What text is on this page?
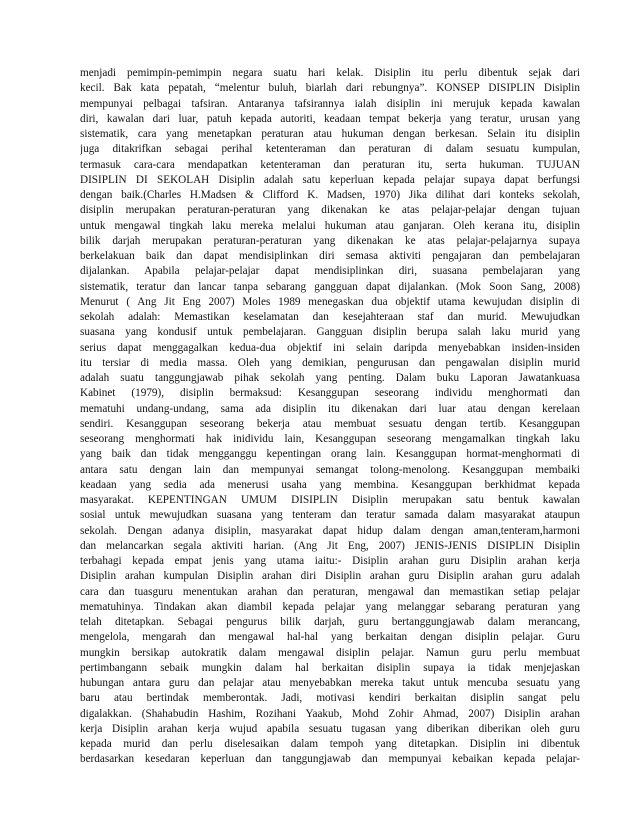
menjadi pemimpin-pemimpin negara suatu hari kelak. Disiplin itu perlu dibentuk sejak dari
kecil. Bak kata pepatah, “melentur buluh, biarlah dari rebungnya”. KONSEP DISIPLIN Disiplin
mempunyai pelbagai tafsiran. Antaranya tafsirannya ialah disiplin ini merujuk kepada kawalan
diri, kawalan dari luar, patuh kepada autoriti, keadaan tempat bekerja yang teratur, urusan yang
sistematik, cara yang menetapkan peraturan atau hukuman dengan berkesan. Selain itu disiplin
juga ditakrifkan sebagai perihal ketenteraman dan peraturan di dalam sesuatu kumpulan,
termasuk cara-cara mendapatkan ketenteraman dan peraturan itu, serta hukuman. TUJUAN
DISIPLIN DI SEKOLAH Disiplin adalah satu keperluan kepada pelajar supaya dapat berfungsi
dengan baik.(Charles H.Madsen & Clifford K. Madsen, 1970) Jika dilihat dari konteks sekolah,
disiplin merupakan peraturan-peraturan yang dikenakan ke atas pelajar-pelajar dengan tujuan
untuk mengawal tingkah laku mereka melalui hukuman atau ganjaran. Oleh kerana itu, disiplin
bilik darjah merupakan peraturan-peraturan yang dikenakan ke atas pelajar-pelajarnya supaya
berkelakuan baik dan dapat mendisiplinkan diri semasa aktiviti pengajaran dan pembelajaran
dijalankan. Apabila pelajar-pelajar dapat mendisiplinkan diri, suasana pembelajaran yang
sistematik, teratur dan lancar tanpa sebarang gangguan dapat dijalankan. (Mok Soon Sang, 2008)
Menurut ( Ang Jit Eng 2007) Moles 1989 menegaskan dua objektif utama kewujudan disiplin di
sekolah adalah: Memastikan keselamatan dan kesejahteraan staf dan murid. Mewujudkan
suasana yang kondusif untuk pembelajaran. Gangguan disiplin berupa salah laku murid yang
serius dapat menggagalkan kedua-dua objektif ini selain daripda menyebabkan insiden-insiden
itu tersiar di media massa. Oleh yang demikian, pengurusan dan pengawalan disiplin murid
adalah suatu tanggungjawab pihak sekolah yang penting. Dalam buku Laporan Jawatankuasa
Kabinet (1979), disiplin bermaksud: Kesanggupan seseorang individu menghormati dan
mematuhi undang-undang, sama ada disiplin itu dikenakan dari luar atau dengan kerelaan
sendiri. Kesanggupan seseorang bekerja atau membuat sesuatu dengan tertib. Kesanggupan
seseorang menghormati hak inidividu lain, Kesanggupan seseorang mengamalkan tingkah laku
yang baik dan tidak mengganggu kepentingan orang lain. Kesanggupan hormat-menghormati di
antara satu dengan lain dan mempunyai semangat tolong-menolong. Kesanggupan membaiki
keadaan yang sedia ada menerusi usaha yang membina. Kesanggupan berkhidmat kepada
masyarakat. KEPENTINGAN UMUM DISIPLIN Disiplin merupakan satu bentuk kawalan
sosial untuk mewujudkan suasana yang tenteram dan teratur samada dalam masyarakat ataupun
sekolah. Dengan adanya disiplin, masyarakat dapat hidup dalam dengan aman,tenteram,harmoni
dan melancarkan segala aktiviti harian. (Ang Jit Eng, 2007) JENIS-JENIS DISIPLIN Disiplin
terbahagi kepada empat jenis yang utama iaitu:- Disiplin arahan guru Disiplin arahan kerja
Disiplin arahan kumpulan Disiplin arahan diri Disiplin arahan guru Disiplin arahan guru adalah
cara dan tuasguru menentukan arahan dan peraturan, mengawal dan memastikan setiap pelajar
mematuhinya. Tindakan akan diambil kepada pelajar yang melanggar sebarang peraturan yang
telah ditetapkan. Sebagai pengurus bilik darjah, guru bertanggungjawab dalam merancang,
mengelola, mengarah dan mengawal hal-hal yang berkaitan dengan disiplin pelajar. Guru
mungkin bersikap autokratik dalam mengawal disiplin pelajar. Namun guru perlu membuat
pertimbangann sebaik mungkin dalam hal berkaitan disiplin supaya ia tidak menjejaskan
hubungan antara guru dan pelajar atau menyebabkan mereka takut untuk mencuba sesuatu yang
baru atau bertindak memberontak. Jadi, motivasi kendiri berkaitan disiplin sangat pelu
digalakkan. (Shahabudin Hashim, Rozihani Yaakub, Mohd Zohir Ahmad, 2007) Disiplin arahan
kerja Disiplin arahan kerja wujud apabila sesuatu tugasan yang diberikan diberikan oleh guru
kepada murid dan perlu diselesaikan dalam tempoh yang ditetapkan. Disiplin ini dibentuk
berdasarkan kesedaran keperluan dan tanggungjawab dan mempunyai kebaikan kepada pelajar-
